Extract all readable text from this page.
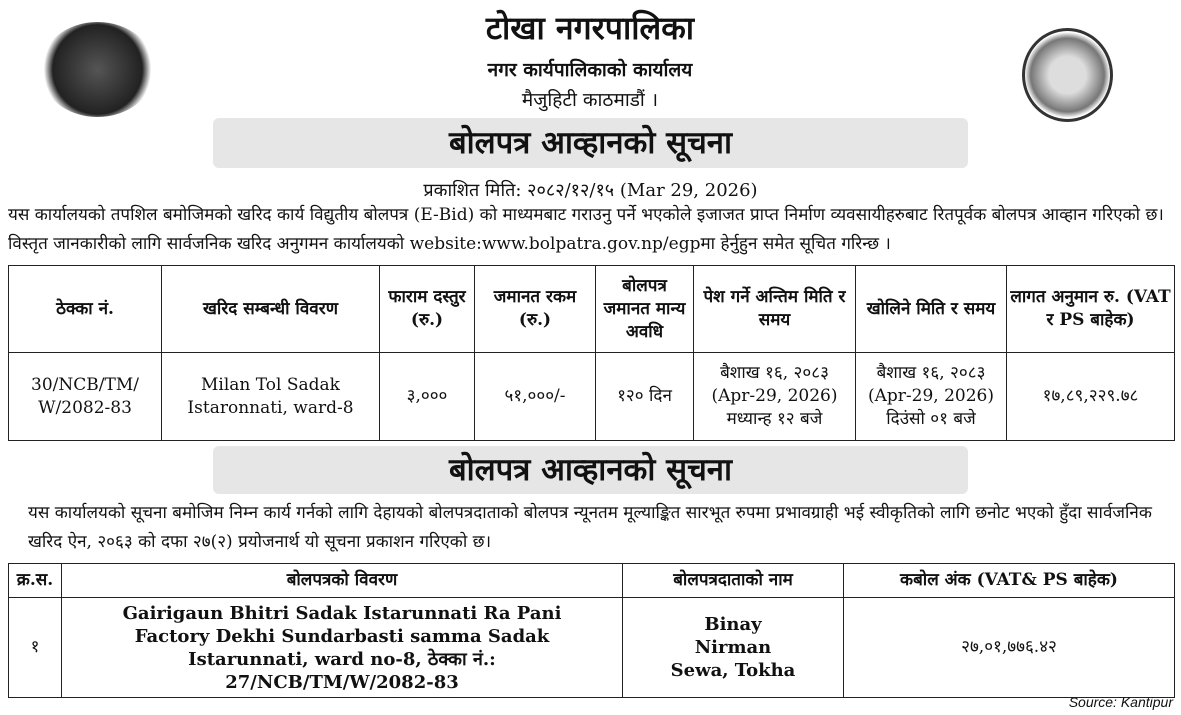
टोखा नगरपालिका
नगर कार्यपालिकाको कार्यालय
मैजुहिटी काठमाडौं ।
बोलपत्र आव्हानको सूचना
प्रकाशित मिति: २०८२/१२/१५ (Mar 29, 2026)

यस कार्यालयको तपशिल बमोजिमको खरिद कार्य विद्युतीय बोलपत्र (E-Bid) को माध्यमबाट गराउनु पर्ने भएकोले इजाजत प्राप्त निर्माण व्यवसायीहरुबाट रितपूर्वक बोलपत्र आव्हान गरिएको छ। विस्तृत जानकारीको लागि सार्वजनिक खरिद अनुगमन कार्यालयको website:www.bolpatra.gov.np/egpमा हेर्नुहुन समेत सूचित गरिन्छ ।

ठेक्का नं.	खरिद सम्बन्धी विवरण	फाराम दस्तुर (रु.)	जमानत रकम (रु.)	बोलपत्र जमानत मान्य अवधि	पेश गर्ने अन्तिम मिति र समय	खोलिने मिति र समय	लागत अनुमान रु. (VAT र PS बाहेक)
30/NCB/TM/ W/2082-83	Milan Tol Sadak Istaronnati, ward-8	३,०००	५१,०००/-	१२० दिन	बैशाख १६, २०८३ (Apr-29, 2026) मध्यान्ह १२ बजे	बैशाख १६, २०८३ (Apr-29, 2026) दिउंसो ०१ बजे	१७,८९,२२९.७८
बोलपत्र आव्हानको सूचना

यस कार्यालयको सूचना बमोजिम निम्न कार्य गर्नको लागि देहायको बोलपत्रदाताको बोलपत्र न्यूनतम मूल्याङ्कित सारभूत रुपमा प्रभावग्राही भई स्वीकृतिको लागि छनोट भएको हुँदा सार्वजनिक खरिद ऐन, २०६३ को दफा २७(२) प्रयोजनार्थ यो सूचना प्रकाशन गरिएको छ।

क्र.स.	बोलपत्रको विवरण	बोलपत्रदाताको नाम	कबोल अंक (VAT& PS बाहेक)
१	Gairigaun Bhitri Sadak Istarunnati Ra Pani Factory Dekhi Sundarbasti samma Sadak Istarunnati, ward no-8, ठेक्का नं.: 27/NCB/TM/W/2082-83	Binay Nirman Sewa, Tokha	२७,०१,७७६.४२
Source: Kantipur
